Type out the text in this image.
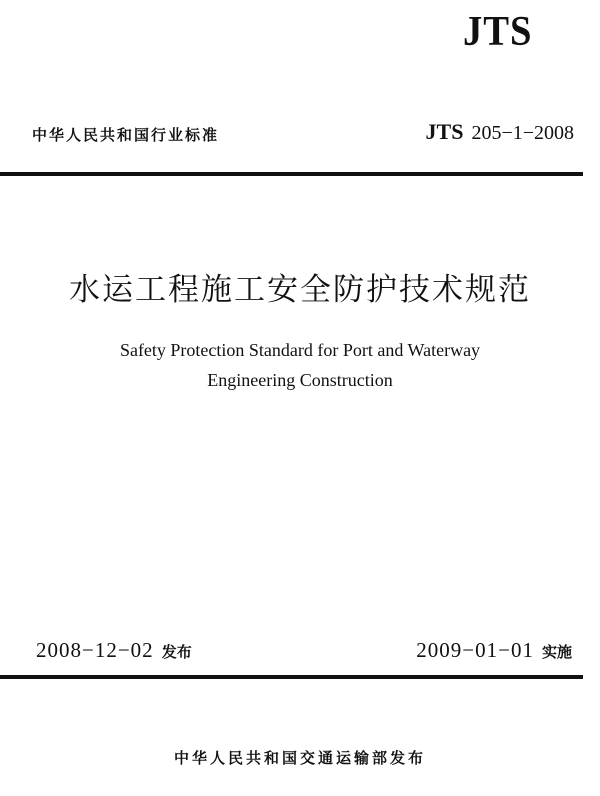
JTS
中华人民共和国行业标准	JTS 205−1−2008
水运工程施工安全防护技术规范
Safety Protection Standard for Port and Waterway
Engineering Construction
2008−12−02 发布	2009−01−01 实施
中华人民共和国交通运输部发布
